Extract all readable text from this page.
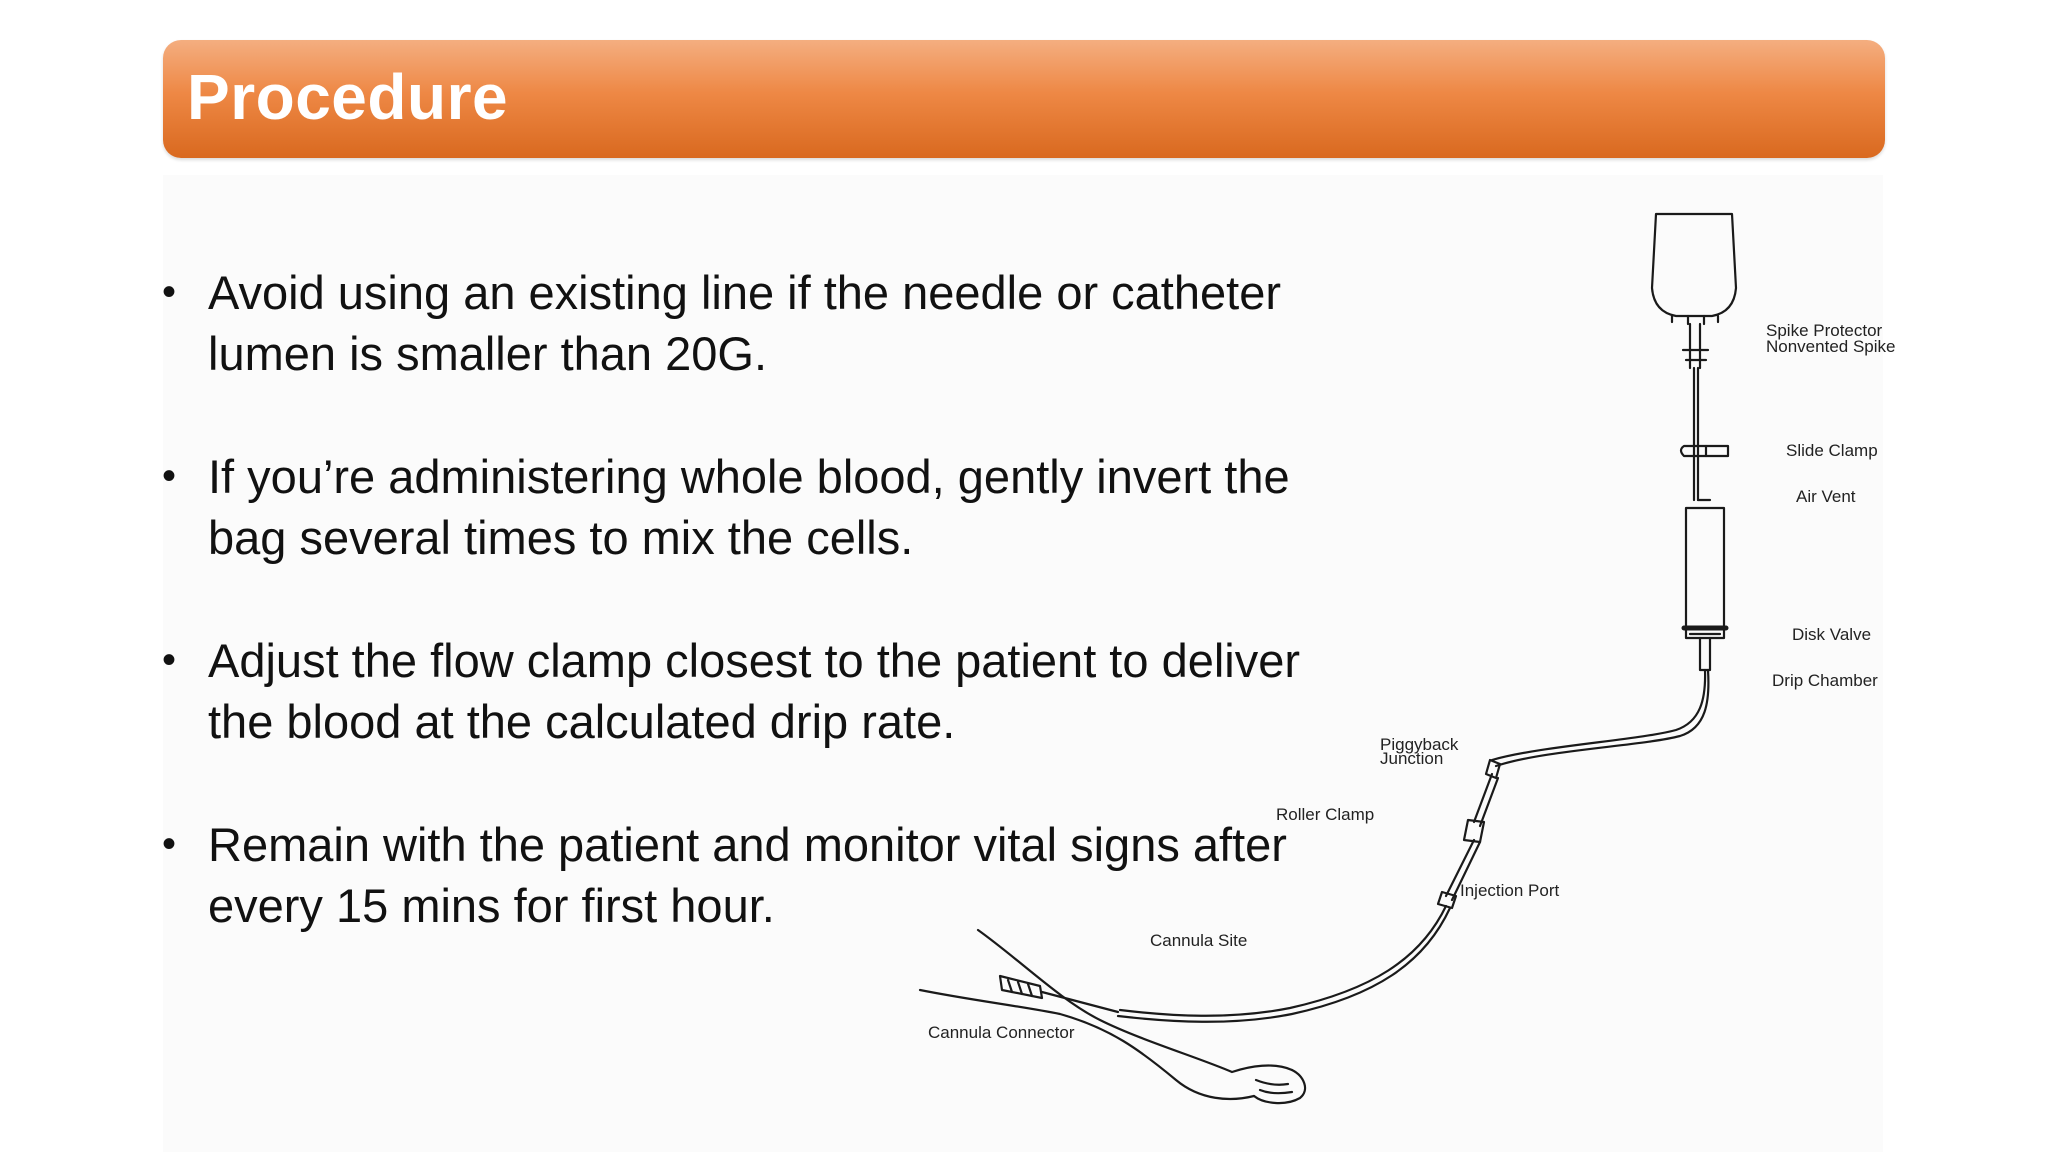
Procedure
Spike Protector
Nonvented Spike
Slide Clamp
Air Vent
Disk Valve
Drip Chamber
Piggyback
Junction
Roller Clamp
Injection Port
Cannula Site
Cannula Connector
• Avoid using an existing line if the needle or catheter
lumen is smaller than 20G.
• If you’re administering whole blood, gently invert the
bag several times to mix the cells.
• Adjust the flow clamp closest to the patient to deliver
the blood at the calculated drip rate.
• Remain with the patient and monitor vital signs after
every 15 mins for first hour.
